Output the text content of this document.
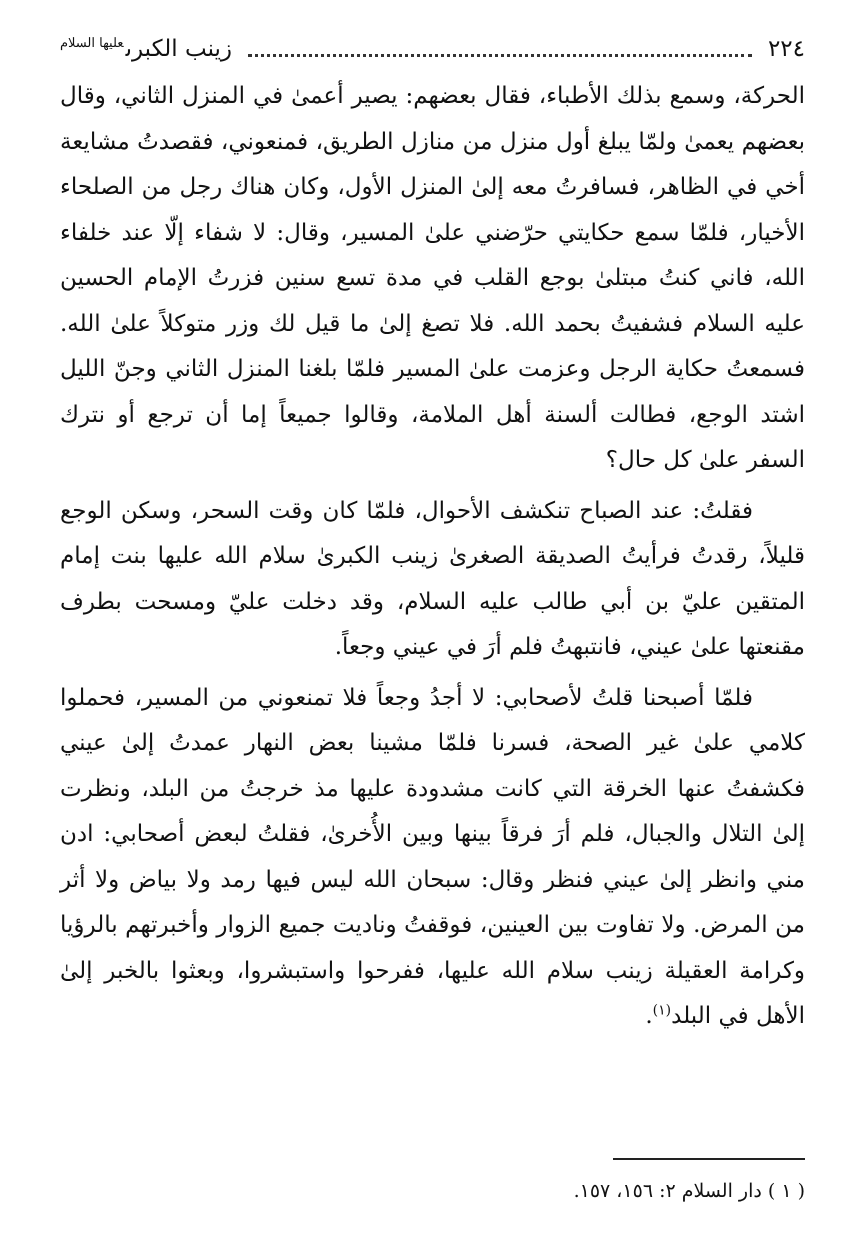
٢٢٤
زينب الكبرى$^{عليها السلام}$

الحركة، وسمع بذلك الأطباء، فقال بعضهم: يصير أعمىٰ في المنزل الثاني، وقال بعضهم يعمىٰ ولمّا يبلغ أول منزل من منازل الطريق، فمنعوني، فقصدتُ مشايعة أخي في الظاهر، فسافرتُ معه إلىٰ المنزل الأول، وكان هناك رجل من الصلحاء الأخيار، فلمّا سمع حكايتي حرّضني علىٰ المسير، وقال: لا شفاء إلّا عند خلفاء الله، فاني كنتُ مبتلىٰ بوجع القلب في مدة تسع سنين فزرتُ الإمام الحسين عليه السلام فشفيتُ بحمد الله. فلا تصغ إلىٰ ما قيل لك وزر متوكلاً علىٰ الله. فسمعتُ حكاية الرجل وعزمت علىٰ المسير فلمّا بلغنا المنزل الثاني وجنّ الليل اشتد الوجع، فطالت ألسنة أهل الملامة، وقالوا جميعاً إما أن ترجع أو نترك السفر علىٰ كل حال؟

فقلتُ: عند الصباح تنكشف الأحوال، فلمّا كان وقت السحر، وسكن الوجع قليلاً، رقدتُ فرأيتُ الصديقة الصغرىٰ زينب الكبرىٰ سلام الله عليها بنت إمام المتقين عليّ بن أبي طالب عليه السلام، وقد دخلت عليّ ومسحت بطرف مقنعتها علىٰ عيني، فانتبهتُ فلم أرَ في عيني وجعاً.

فلمّا أصبحنا قلتُ لأصحابي: لا أجدُ وجعاً فلا تمنعوني من المسير، فحملوا كلامي علىٰ غير الصحة، فسرنا فلمّا مشينا بعض النهار عمدتُ إلىٰ عيني فكشفتُ عنها الخرقة التي كانت مشدودة عليها مذ خرجتُ من البلد، ونظرت إلىٰ التلال والجبال، فلم أرَ فرقاً بينها وبين الأُخرىٰ، فقلتُ لبعض أصحابي: ادن مني وانظر إلىٰ عيني فنظر وقال: سبحان الله ليس فيها رمد ولا بياض ولا أثر من المرض. ولا تفاوت بين العينين، فوقفتُ وناديت جميع الزوار وأخبرتهم بالرؤيا وكرامة العقيلة زينب سلام الله عليها، ففرحوا واستبشروا، وبعثوا بالخبر إلىٰ الأهل في البلد$^{(١)}$.

( ١ ) دار السلام ٢: ١٥٦، ١٥٧.
